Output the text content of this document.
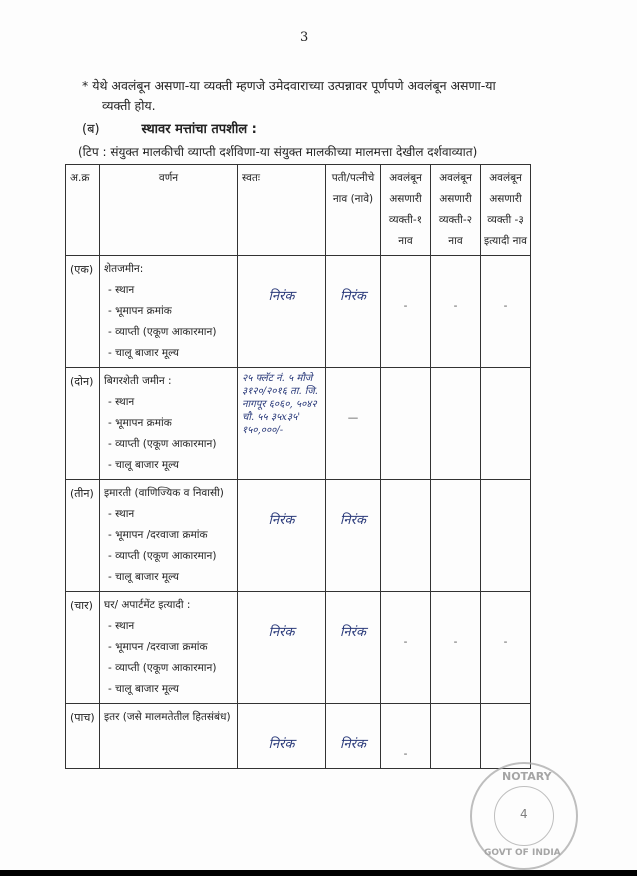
3
* येथे अवलंबून असणा-या व्यक्ती म्हणजे उमेदवाराच्या उत्पन्नावर पूर्णपणे अवलंबून असणा-या
व्यक्ती होय.
(ब)	स्थावर मत्तांचा तपशील :
(टिप : संयुक्त मालकीची व्याप्ती दर्शविणा-या संयुक्त मालकीच्या मालमत्ता देखील दर्शवाव्यात)
अ.क्र	वर्णन	स्वतः	पती/पत्नीचे नाव (नावे)	अवलंबून असणारी व्यक्ती-१ नाव	अवलंबून असणारी व्यक्ती-२ नाव	अवलंबून असणारी व्यक्ती -३ इत्यादी नाव
(एक)	शेतजमीन:
- स्थान
- भूमापन क्रमांक
- व्याप्ती (एकूण आकारमान)
- चालू बाजार मूल्य	निरंक	निरंक	-	-	-
(दोन)	बिगरशेती जमीन :
- स्थान
- भूमापन क्रमांक
- व्याप्ती (एकूण आकारमान)
- चालू बाजार मूल्य	२५ फ्लॅट नं. ५ मौजे ३१२०/२०१६ ता. जि. नागपूर ६०६०, ५०४२ चौ. ५५ ३५x३५' १५०,०००/-	—			
(तीन)	इमारती (वाणिज्यिक व निवासी)
- स्थान
- भूमापन /दरवाजा क्रमांक
- व्याप्ती (एकूण आकारमान)
- चालू बाजार मूल्य	निरंक	निरंक			
(चार)	घर/ अपार्टमेंट इत्यादी :
- स्थान
- भूमापन /दरवाजा क्रमांक
- व्याप्ती (एकूण आकारमान)
- चालू बाजार मूल्य	निरंक	निरंक	-	-	-
(पाच)	इतर (जसे मालमतेतील हितसंबंध)	निरंक	निरंक	-		
NOTARY
4
GOVT OF INDIA
